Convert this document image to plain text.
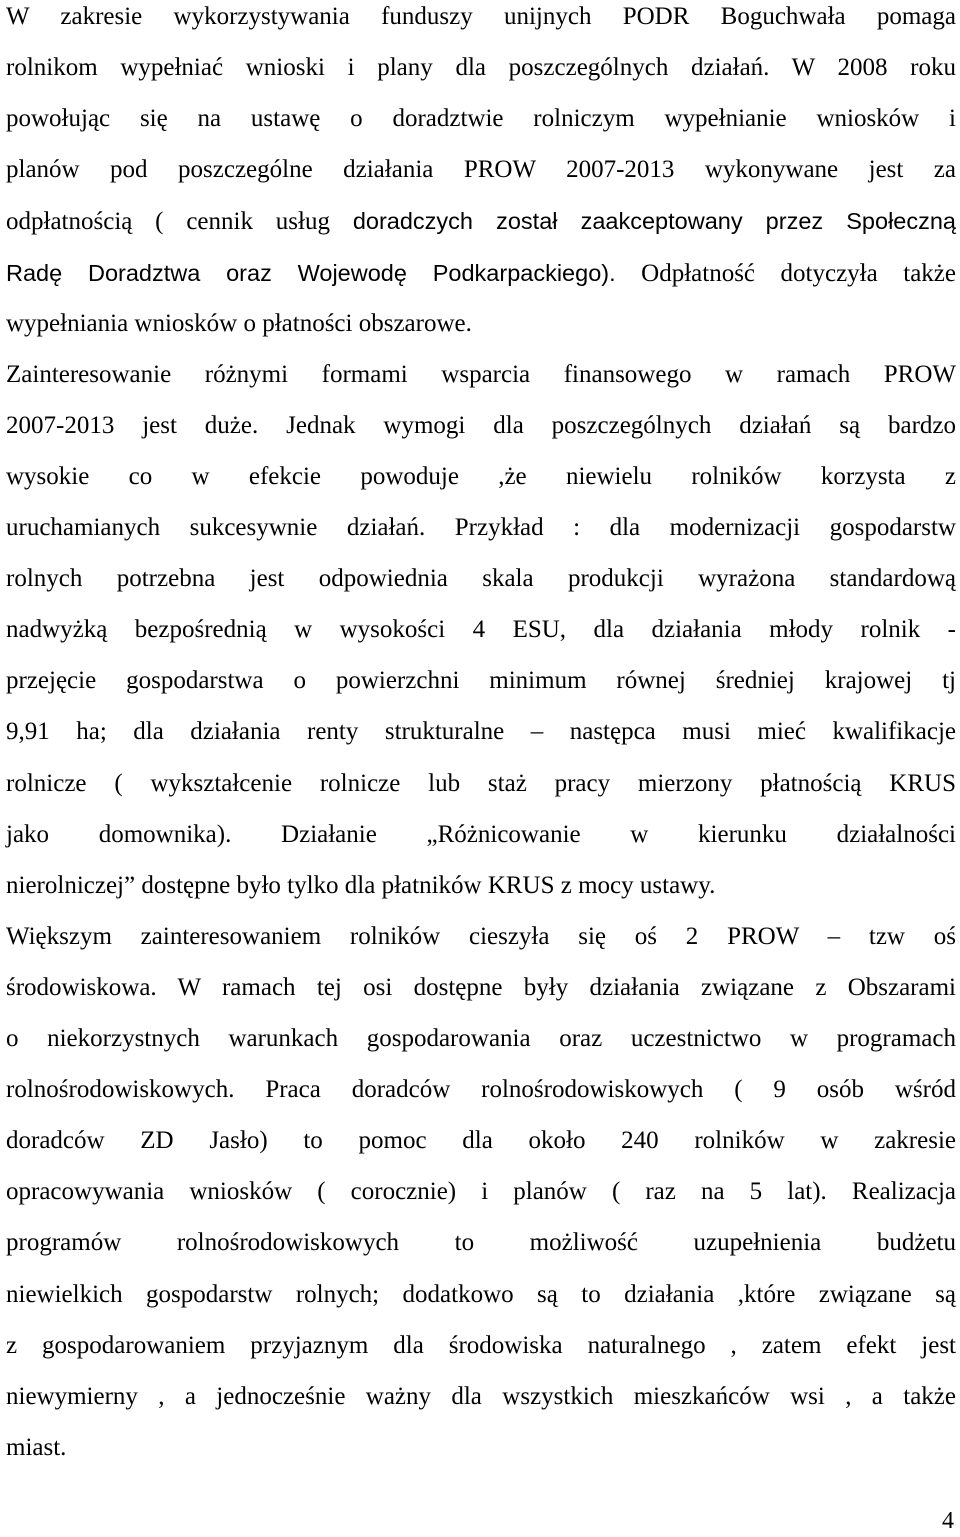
W zakresie wykorzystywania funduszy unijnych PODR Boguchwała pomaga
rolnikom wypełniać wnioski i plany dla poszczególnych działań. W 2008 roku
powołując się na ustawę o doradztwie rolniczym wypełnianie wniosków i
planów pod poszczególne działania PROW 2007-2013 wykonywane jest za
odpłatnością ( cennik usług doradczych został zaakceptowany przez Społeczną
Radę Doradztwa oraz Wojewodę Podkarpackiego). Odpłatność dotyczyła także
wypełniania wniosków o płatności obszarowe.
Zainteresowanie różnymi formami wsparcia finansowego w ramach PROW
2007-2013 jest duże. Jednak wymogi dla poszczególnych działań są bardzo
wysokie co w efekcie powoduje ,że niewielu rolników korzysta z
uruchamianych sukcesywnie działań. Przykład : dla modernizacji gospodarstw
rolnych potrzebna jest odpowiednia skala produkcji wyrażona standardową
nadwyżką bezpośrednią w wysokości 4 ESU, dla działania młody rolnik -
przejęcie gospodarstwa o powierzchni minimum równej średniej krajowej tj
9,91 ha; dla działania renty strukturalne – następca musi mieć kwalifikacje
rolnicze ( wykształcenie rolnicze lub staż pracy mierzony płatnością KRUS
jako domownika). Działanie „Różnicowanie w kierunku działalności
nierolniczej” dostępne było tylko dla płatników KRUS z mocy ustawy.
Większym zainteresowaniem rolników cieszyła się oś 2 PROW – tzw oś
środowiskowa. W ramach tej osi dostępne były działania związane z Obszarami
o niekorzystnych warunkach gospodarowania oraz uczestnictwo w programach
rolnośrodowiskowych. Praca doradców rolnośrodowiskowych ( 9 osób wśród
doradców ZD Jasło) to pomoc dla około 240 rolników w zakresie
opracowywania wniosków ( corocznie) i planów ( raz na 5 lat). Realizacja
programów rolnośrodowiskowych to możliwość uzupełnienia budżetu
niewielkich gospodarstw rolnych; dodatkowo są to działania ,które związane są
z gospodarowaniem przyjaznym dla środowiska naturalnego , zatem efekt jest
niewymierny , a jednocześnie ważny dla wszystkich mieszkańców wsi , a także
miast.
4
